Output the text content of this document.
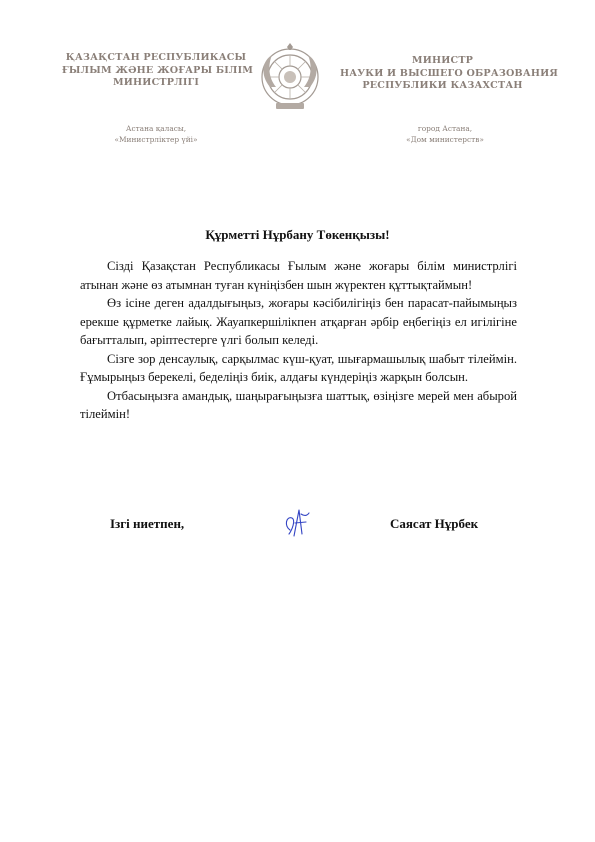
ҚАЗАҚСТАН РЕСПУБЛИКАСЫ
ҒЫЛЫМ ЖӘНЕ ЖОҒАРЫ БІЛІМ
МИНИСТРЛІГІ
МИНИСТР
НАУКИ И ВЫСШЕГО ОБРАЗОВАНИЯ
РЕСПУБЛИКИ КАЗАХСТАН
Астана қаласы,
«Министрліктер үйі»
город Астана,
«Дом министерств»
Құрметті Нұрбану Төкенқызы!

Сізді Қазақстан Республикасы Ғылым және жоғары білім министрлігі атынан және өз атымнан туған күніңізбен шын жүректен құттықтаймын!

Өз ісіне деген адалдығыңыз, жоғары кәсібилігіңіз бен парасат-пайымыңыз ерекше құрметке лайық. Жауапкершілікпен атқарған әрбір еңбегіңіз ел игілігіне бағытталып, әріптестерге үлгі болып келеді.

Сізге зор денсаулық, сарқылмас күш-қуат, шығармашылық шабыт тілеймін. Ғұмырыңыз берекелі, беделіңіз биік, алдағы күндеріңіз жарқын болсын.

Отбасыңызға амандық, шаңырағыңызға шаттық, өзіңізге мерей мен абырой тілеймін!

Ізгі ниетпен,	Саясат Нұрбек
